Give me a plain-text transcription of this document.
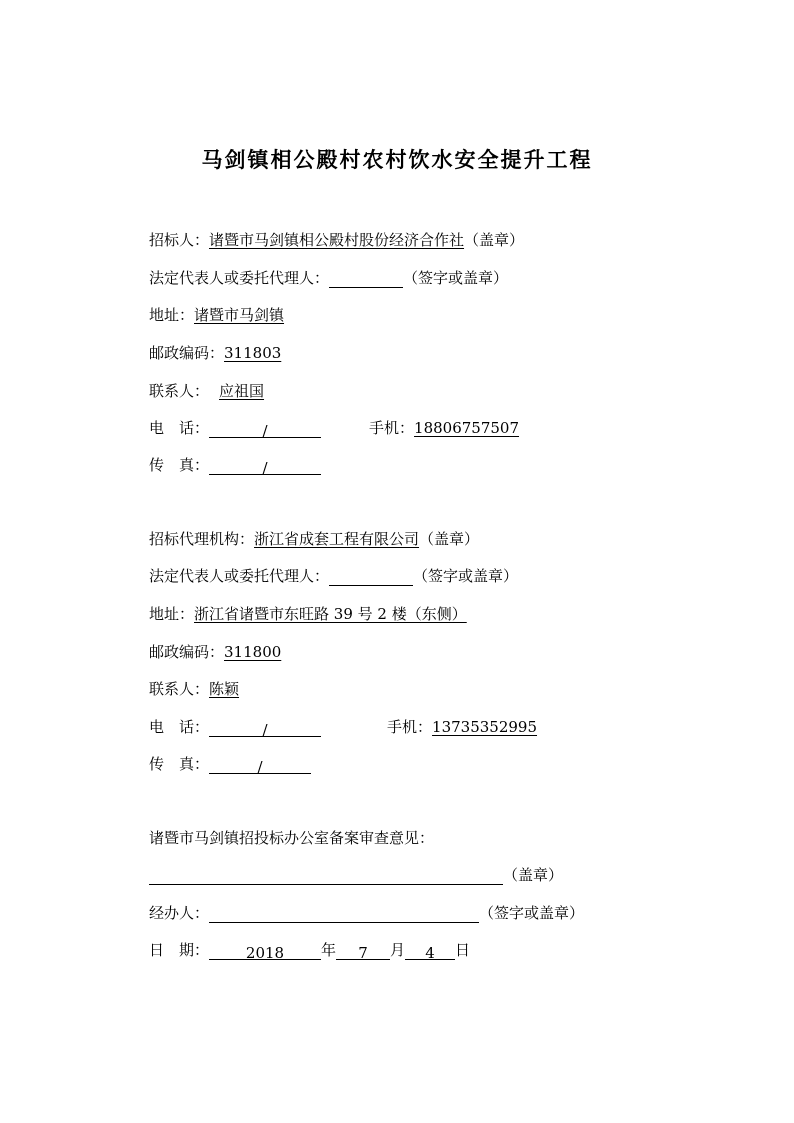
马剑镇相公殿村农村饮水安全提升工程
招标人：诸暨市马剑镇相公殿村股份经济合作社（盖章）
法定代表人或委托代理人：	（签字或盖章）
地址：诸暨市马剑镇
邮政编码：311803
联系人： 应祖国
电　话：	/	手机：18806757507
传　真：	/
招标代理机构：浙江省成套工程有限公司（盖章）
法定代表人或委托代理人：	（签字或盖章）
地址：浙江省诸暨市东旺路 39 号 2 楼（东侧）
邮政编码：311800
联系人：陈颖
电　话：	/	手机：13735352995
传　真：	/
诸暨市马剑镇招投标办公室备案审查意见：
（盖章）
经办人：	（签字或盖章）
日　期： 2018 年 7 月 4 日
